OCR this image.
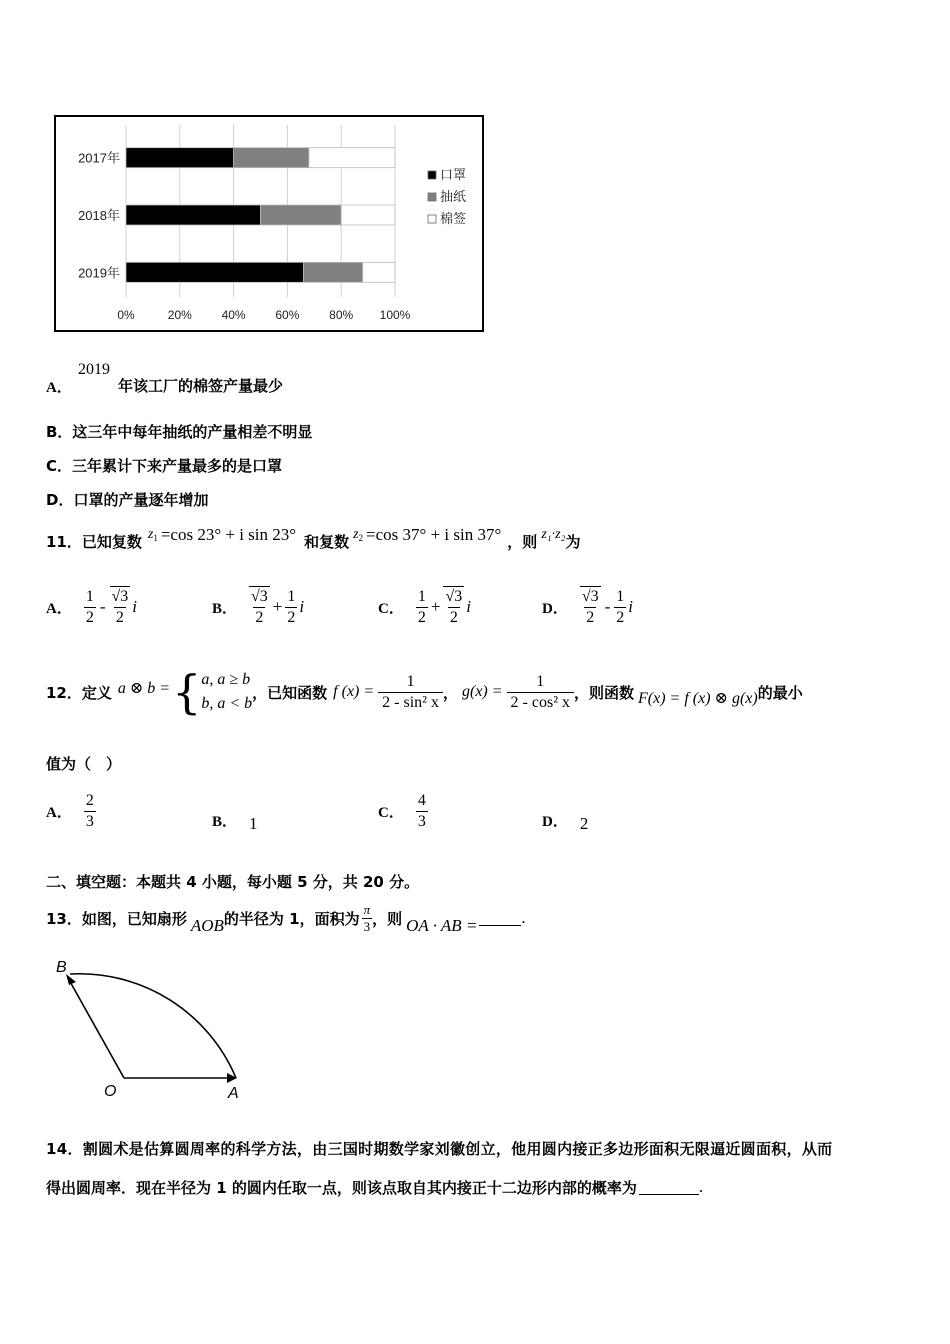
2017年
2018年
2019年
0%	20% 40% 60% 80% 100%
口罩
抽纸
棉签
A．
2019
年该工厂的棉签产量最少
B．这三年中每年抽纸的产量相差不明显
C．三年累计下来产量最多的是口罩
D．口罩的产量逐年增加
11．已知复数 z 1 =cos 23° + i sin 23° 和复数 z 2 =cos 37° + i sin 37° ，则 z₁·z₂ 为
A． $\frac{1}{2} - \frac{√3}{2}$ i	B． $\frac{√3}{2} + \frac{1}{2}$ i	C． $\frac{1}{2} + \frac{√3}{2}$ i	D． $\frac{√3}{2} - \frac{1}{2}$ i
12．定义 a ⊗ b = { a, a ≥ b
b, a < b
，已知函数 f $(x) = \frac{1}{\text{2 - sin² x}}$ ， $g(x) = \frac{1}{\text{2 - cos² x}}$ ，则函数 F(x) = f (x) ⊗ g(x) 的最小
值为（　）
A． $\frac{2}{3}$	B． 1
C． $\frac{4}{3}$	D． 2
二、填空题：本题共 4 小题，每小题 5 分，共 20 分。
13．如图，已知扇形 AOB 的半径为 1，面积为 $\frac{\pi}{3}$ ，则 OA · AB =	.
B
O	A
14．割圆术是估算圆周率的科学方法，由三国时期数学家刘徽创立，他用圆内接正多边形面积无限逼近圆面积，从而
得出圆周率．现在半径为 1 的圆内任取一点，则该点取自其内接正十二边形内部的概率为	.
